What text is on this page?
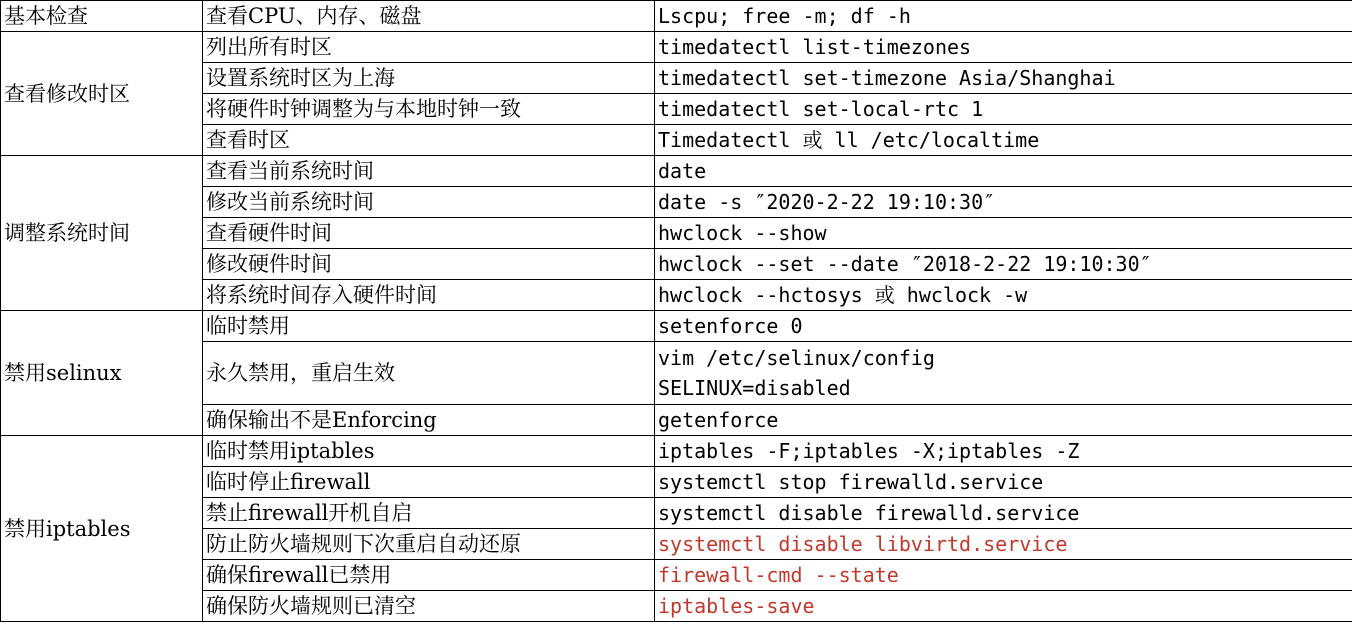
基本检查	查看CPU、内存、磁盘	Lscpu; free -m; df -h

查看修改时区	列出所有时区	timedatectl list-timezones

	设置系统时区为上海	timedatectl set-timezone Asia/Shanghai

	将硬件时钟调整为与本地时钟一致	timedatectl set-local-rtc 1

	查看时区	Timedatectl 或 ll /etc/localtime

调整系统时间	查看当前系统时间	date

	修改当前系统时间	date -s ″2020-2-22 19:10:30″

	查看硬件时间	hwclock --show

	修改硬件时间	hwclock --set --date ″2018-2-22 19:10:30″

	将系统时间存入硬件时间	hwclock --hctosys 或 hwclock -w

禁用selinux	临时禁用	setenforce 0

	永久禁用，重启生效	vim /etc/selinux/config
SELINUX=disabled

	确保输出不是Enforcing	getenforce

禁用iptables	临时禁用iptables	iptables -F;iptables -X;iptables -Z

	临时停止firewall	systemctl stop firewalld.service

	禁止firewall开机自启	systemctl disable firewalld.service

	防止防火墙规则下次重启自动还原	systemctl disable libvirtd.service

	确保firewall已禁用	firewall-cmd --state

	确保防火墙规则已清空	iptables-save
